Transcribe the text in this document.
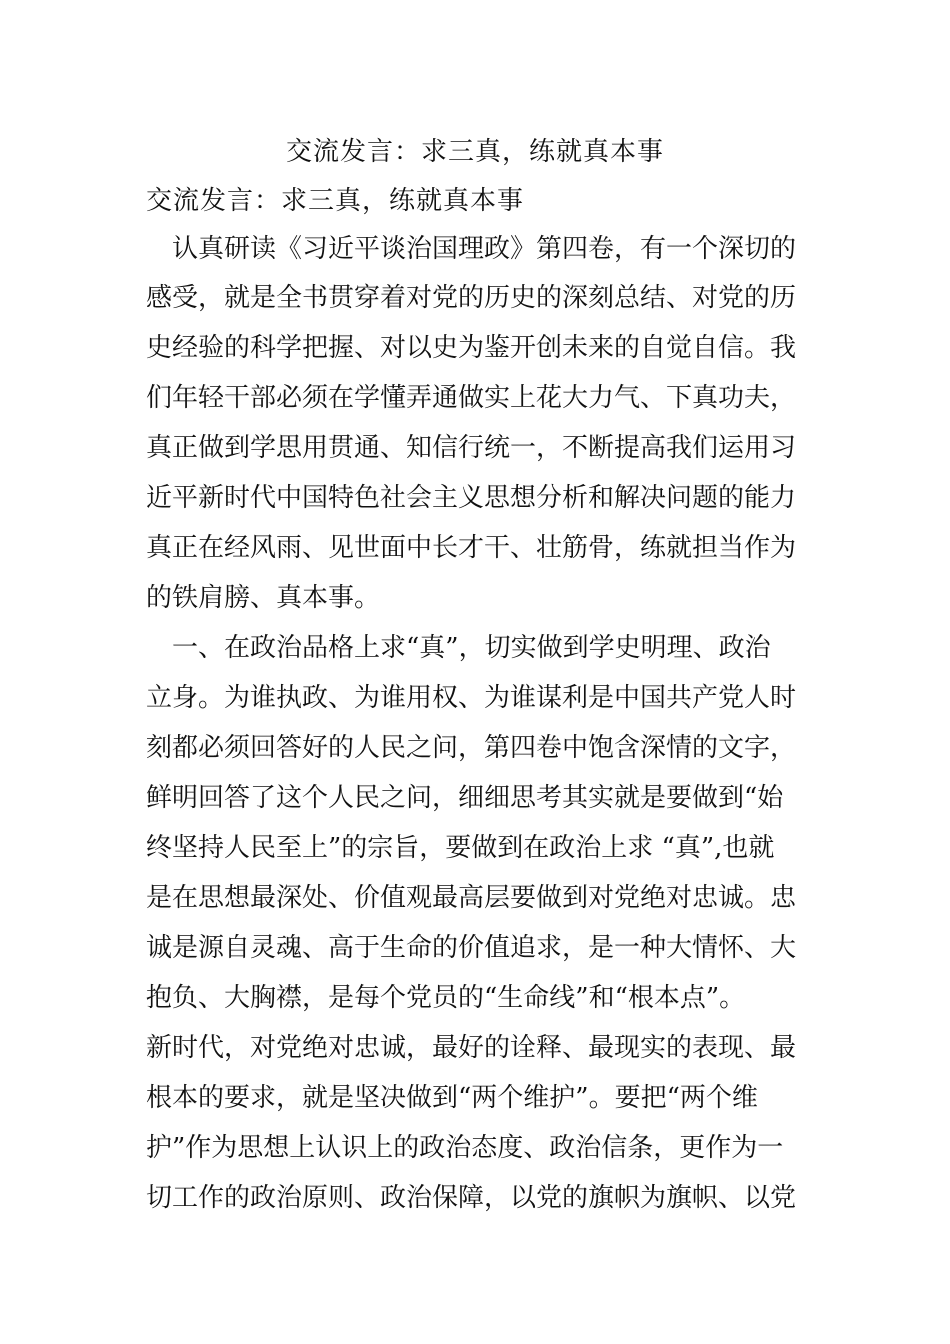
交流发言：求三真，练就真本事
交流发言：求三真，练就真本事
　认真研读《习近平谈治国理政》第四卷，有一个深切的
感受，就是全书贯穿着对党的历史的深刻总结、对党的历
史经验的科学把握、对以史为鉴开创未来的自觉自信。我
们年轻干部必须在学懂弄通做实上花大力气、下真功夫，
真正做到学思用贯通、知信行统一，不断提高我们运用习
近平新时代中国特色社会主义思想分析和解决问题的能力
真正在经风雨、见世面中长才干、壮筋骨，练就担当作为
的铁肩膀、真本事。
　一、在政治品格上求“真”，切实做到学史明理、政治
立身。为谁执政、为谁用权、为谁谋利是中国共产党人时
刻都必须回答好的人民之问，第四卷中饱含深情的文字，
鲜明回答了这个人民之问，细细思考其实就是要做到“始
终坚持人民至上”的宗旨，要做到在政治上求 “真”,也就
是在思想最深处、价值观最高层要做到对党绝对忠诚。忠
诚是源自灵魂、高于生命的价值追求，是一种大情怀、大
抱负、大胸襟，是每个党员的“生命线”和“根本点”。
新时代，对党绝对忠诚，最好的诠释、最现实的表现、最
根本的要求，就是坚决做到“两个维护”。要把“两个维
护”作为思想上认识上的政治态度、政治信条，更作为一
切工作的政治原则、政治保障，以党的旗帜为旗帜、以党
